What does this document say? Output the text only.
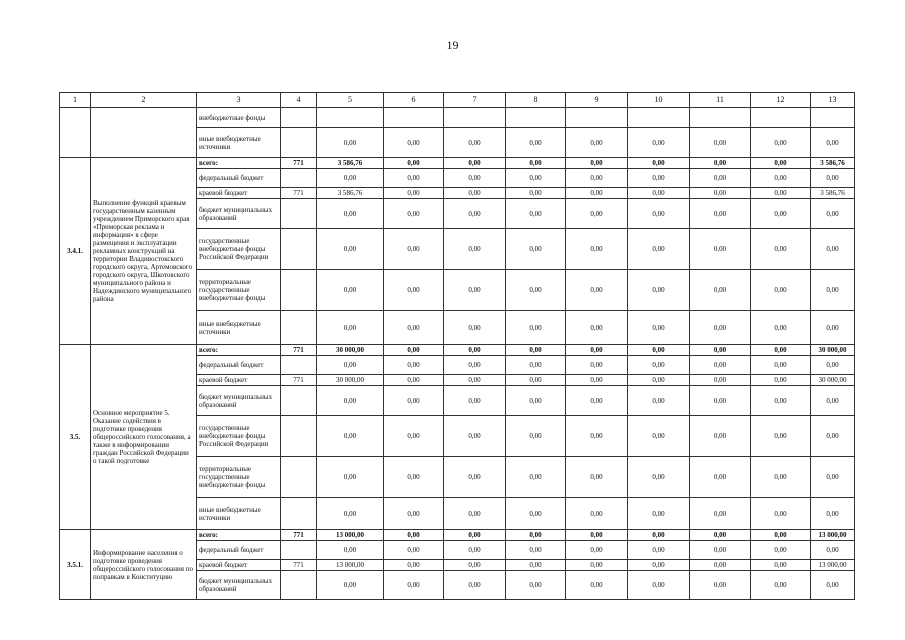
19
1	2	3	4	5	6	7	8	9	10	11	12	13
		внебюджетные фонды										
		иные внебюджетные источники		0,00	0,00	0,00	0,00	0,00	0,00	0,00	0,00	0,00
3.4.1.	Выполнение функций краевым государственным казенным учреждением Приморского края «Приморская реклама и информация» в сфере размещения и эксплуатации рекламных конструкций на территории Владивостокского городского округа, Артемовского городского округа, Шкотовского муниципального района и Надеждинского муниципального района	всего:	771	3 586,76	0,00	0,00	0,00	0,00	0,00	0,00	0,00	3 586,76
		федеральный бюджет		0,00	0,00	0,00	0,00	0,00	0,00	0,00	0,00	0,00
		краевой бюджет	771	3 586,76	0,00	0,00	0,00	0,00	0,00	0,00	0,00	3 586,76
		бюджет муниципальных образований		0,00	0,00	0,00	0,00	0,00	0,00	0,00	0,00	0,00
		государственные внебюджетные фонды Российской Федерации		0,00	0,00	0,00	0,00	0,00	0,00	0,00	0,00	0,00
		территориальные государственные внебюджетные фонды		0,00	0,00	0,00	0,00	0,00	0,00	0,00	0,00	0,00
		иные внебюджетные источники		0,00	0,00	0,00	0,00	0,00	0,00	0,00	0,00	0,00
3.5.	Основное мероприятие 5. Оказание содействия в подготовке проведения общероссийского голосования, а также в информировании граждан Российской Федерации о такой подготовке	всего:	771	30 000,00	0,00	0,00	0,00	0,00	0,00	0,00	0,00	30 000,00
		федеральный бюджет		0,00	0,00	0,00	0,00	0,00	0,00	0,00	0,00	0,00
		краевой бюджет	771	30 000,00	0,00	0,00	0,00	0,00	0,00	0,00	0,00	30 000,00
		бюджет муниципальных образований		0,00	0,00	0,00	0,00	0,00	0,00	0,00	0,00	0,00
		государственные внебюджетные фонды Российской Федерации		0,00	0,00	0,00	0,00	0,00	0,00	0,00	0,00	0,00
		территориальные государственные внебюджетные фонды		0,00	0,00	0,00	0,00	0,00	0,00	0,00	0,00	0,00
		иные внебюджетные источники		0,00	0,00	0,00	0,00	0,00	0,00	0,00	0,00	0,00
3.5.1.	Информирование населения о подготовке проведения общероссийского голосования по поправкам в Конституцию	всего:	771	13 000,00	0,00	0,00	0,00	0,00	0,00	0,00	0,00	13 000,00
		федеральный бюджет		0,00	0,00	0,00	0,00	0,00	0,00	0,00	0,00	0,00
		краевой бюджет	771	13 000,00	0,00	0,00	0,00	0,00	0,00	0,00	0,00	13 000,00
		бюджет муниципальных образований		0,00	0,00	0,00	0,00	0,00	0,00	0,00	0,00	0,00
